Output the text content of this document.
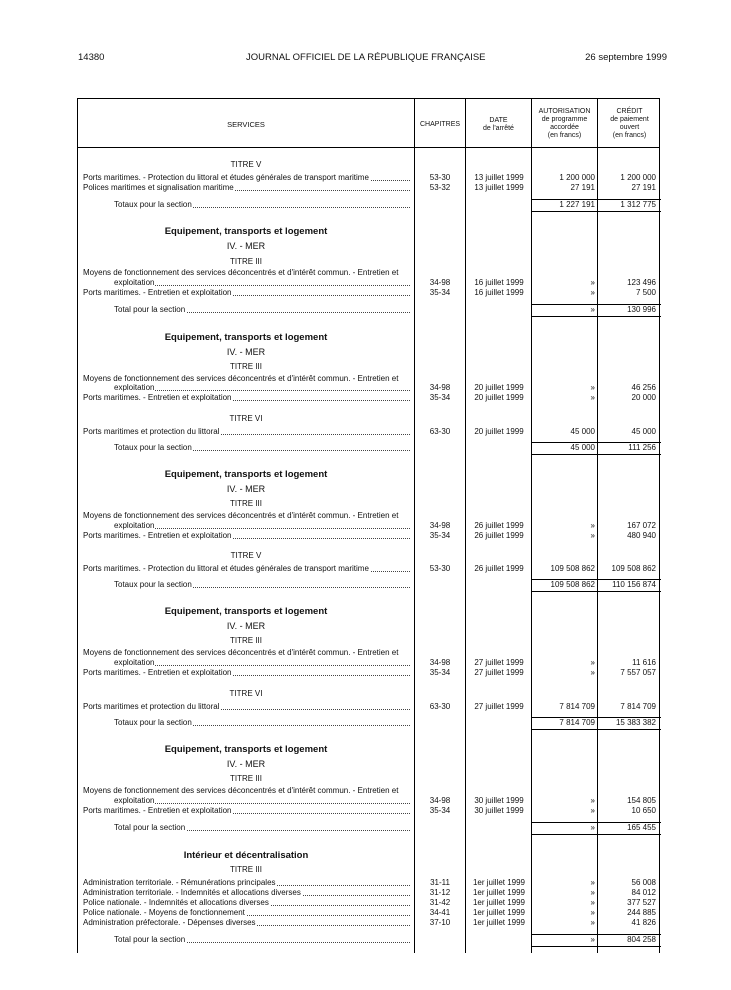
14380	JOURNAL OFFICIEL DE LA RÉPUBLIQUE FRANÇAISE	26 septembre 1999
SERVICES	CHAPITRES
DATE
de l'arrêté
AUTORISATION
de programme
accordée
(en francs)
CRÉDIT
de paiement
ouvert
(en francs)
TITRE V
Ports maritimes. - Protection du littoral et études générales de transport maritime	53-30	13 juillet 1999	1 200 000	1 200 000
Polices maritimes et signalisation maritime	53-32	13 juillet 1999	27 191	27 191
Totaux pour la section	1 227 191	1 312 775
Equipement, transports et logement
IV. - MER
TITRE III
Moyens de fonctionnement des services déconcentrés et d'intérêt commun. - Entretien et
exploitation	34-98	16 juillet 1999	»	123 496
Ports maritimes. - Entretien et exploitation	35-34	16 juillet 1999	»	7 500
Total pour la section	»	130 996
Equipement, transports et logement
IV. - MER
TITRE III
Moyens de fonctionnement des services déconcentrés et d'intérêt commun. - Entretien et
exploitation	34-98	20 juillet 1999	»	46 256
Ports maritimes. - Entretien et exploitation	35-34	20 juillet 1999	»	20 000
TITRE VI
Ports maritimes et protection du littoral	63-30	20 juillet 1999	45 000	45 000
Totaux pour la section	45 000	111 256
Equipement, transports et logement
IV. - MER
TITRE III
Moyens de fonctionnement des services déconcentrés et d'intérêt commun. - Entretien et
exploitation	34-98	26 juillet 1999	»	167 072
Ports maritimes. - Entretien et exploitation	35-34	26 juillet 1999	»	480 940
TITRE V
Ports maritimes. - Protection du littoral et études générales de transport maritime	53-30	26 juillet 1999	109 508 862	109 508 862
Totaux pour la section	109 508 862	110 156 874
Equipement, transports et logement
IV. - MER
TITRE III
Moyens de fonctionnement des services déconcentrés et d'intérêt commun. - Entretien et
exploitation	34-98	27 juillet 1999	»	11 616
Ports maritimes. - Entretien et exploitation	35-34	27 juillet 1999	»	7 557 057
TITRE VI
Ports maritimes et protection du littoral	63-30	27 juillet 1999	7 814 709	7 814 709
Totaux pour la section	7 814 709	15 383 382
Equipement, transports et logement
IV. - MER
TITRE III
Moyens de fonctionnement des services déconcentrés et d'intérêt commun. - Entretien et
exploitation	34-98	30 juillet 1999	»	154 805
Ports maritimes. - Entretien et exploitation	35-34	30 juillet 1999	»	10 650
Total pour la section	»	165 455
Intérieur et décentralisation
TITRE III
Administration territoriale. - Rémunérations principales	31-11	1er juillet 1999	»	56 008
Administration territoriale. - Indemnités et allocations diverses	31-12	1er juillet 1999	»	84 012
Police nationale. - Indemnités et allocations diverses	31-42	1er juillet 1999	»	377 527
Police nationale. - Moyens de fonctionnement	34-41	1er juillet 1999	»	244 885
Administration préfectorale. - Dépenses diverses	37-10	1er juillet 1999	»	41 826
Total pour la section	»	804 258
